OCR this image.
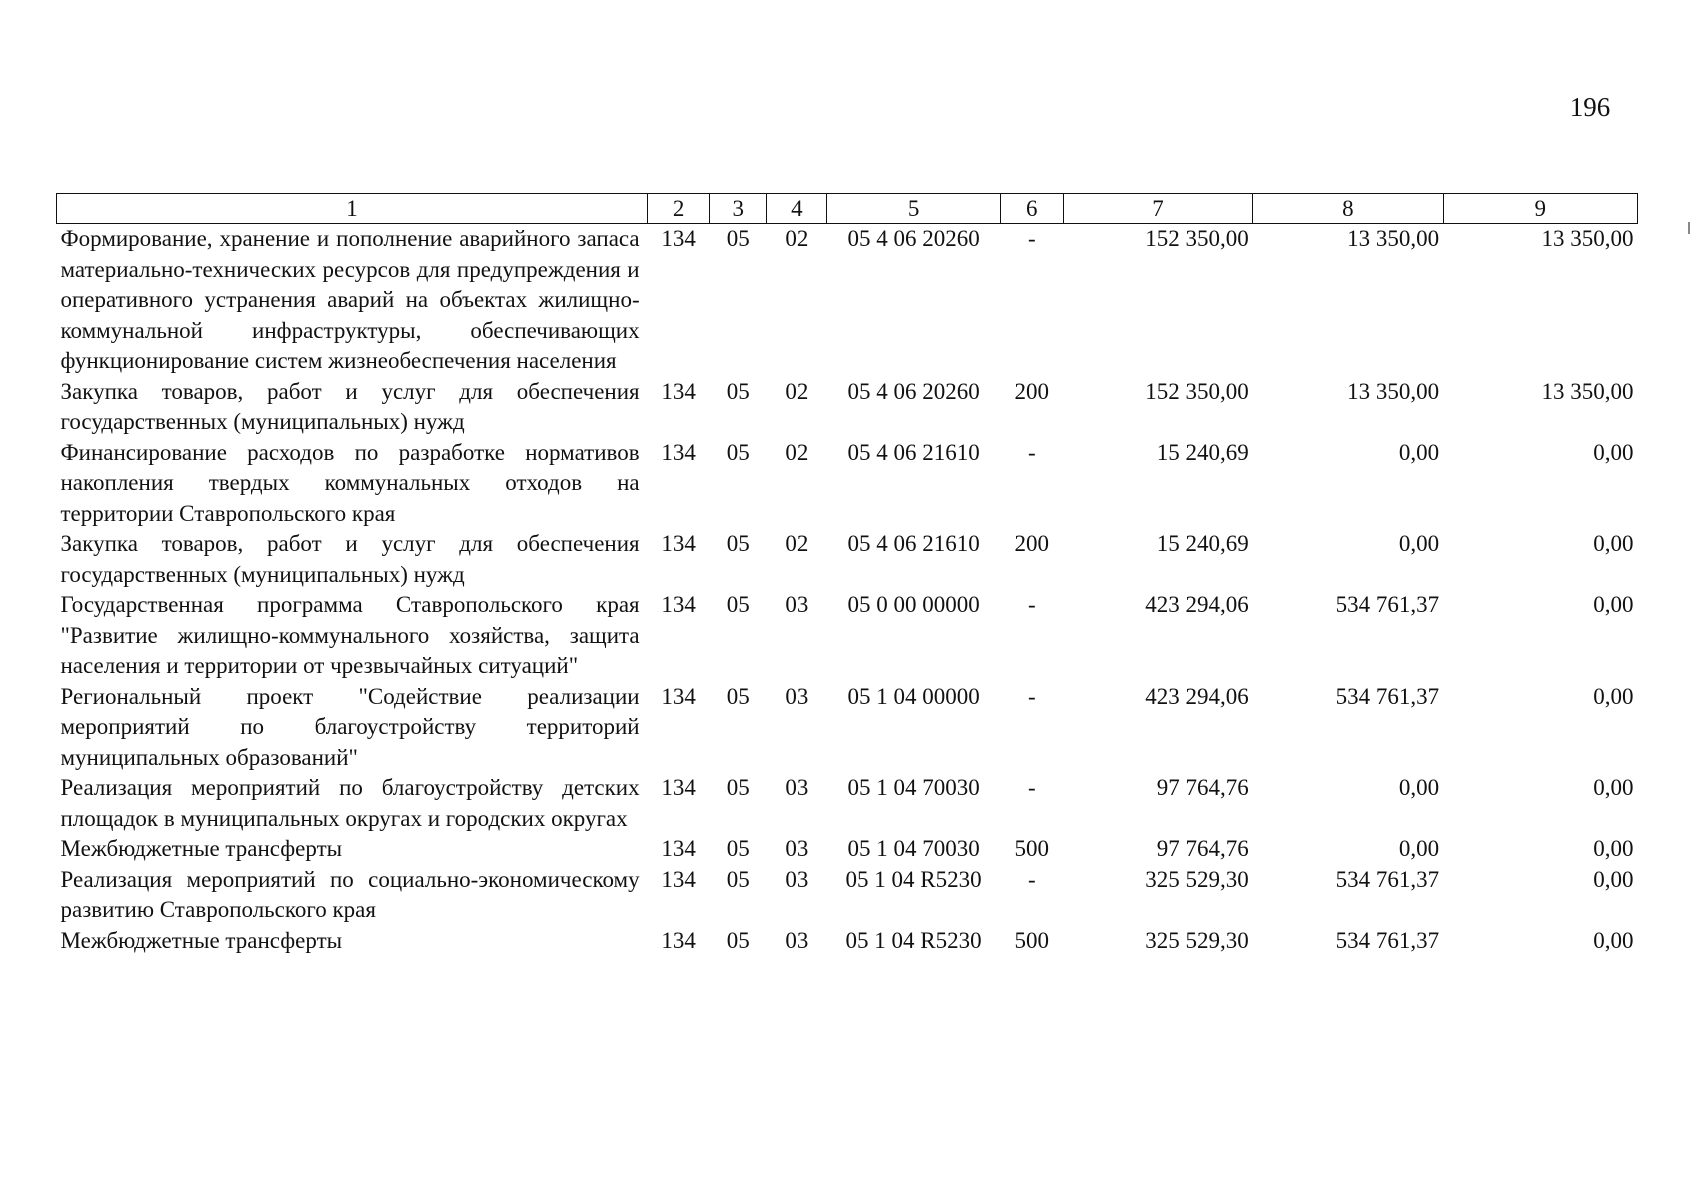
196
1	2	3	4	5	6	7	8	9
Формирование, хранение и пополнение аварийного запаса материально-технических ресурсов для предупреждения и оперативного устранения аварий на объектах жилищно-коммунальной инфраструктуры, обеспечивающих функционирование систем жизнеобеспечения населения	134	05	02	05 4 06 20260	-	152 350,00	13 350,00	13 350,00
Закупка товаров, работ и услуг для обеспечения государственных (муниципальных) нужд	134	05	02	05 4 06 20260	200	152 350,00	13 350,00	13 350,00
Финансирование расходов по разработке нормативов накопления твердых коммунальных отходов на территории Ставропольского края	134	05	02	05 4 06 21610	-	15 240,69	0,00	0,00
Закупка товаров, работ и услуг для обеспечения государственных (муниципальных) нужд	134	05	02	05 4 06 21610	200	15 240,69	0,00	0,00
Государственная программа Ставропольского края "Развитие жилищно-коммунального хозяйства, защита населения и территории от чрезвычайных ситуаций"	134	05	03	05 0 00 00000	-	423 294,06	534 761,37	0,00
Региональный проект "Содействие реализации мероприятий по благоустройству территорий муниципальных образований"	134	05	03	05 1 04 00000	-	423 294,06	534 761,37	0,00
Реализация мероприятий по благоустройству детских площадок в муниципальных округах и городских округах	134	05	03	05 1 04 70030	-	97 764,76	0,00	0,00
Межбюджетные трансферты	134	05	03	05 1 04 70030	500	97 764,76	0,00	0,00
Реализация мероприятий по социально-экономическому развитию Ставропольского края	134	05	03	05 1 04 R5230	-	325 529,30	534 761,37	0,00
Межбюджетные трансферты	134	05	03	05 1 04 R5230	500	325 529,30	534 761,37	0,00
